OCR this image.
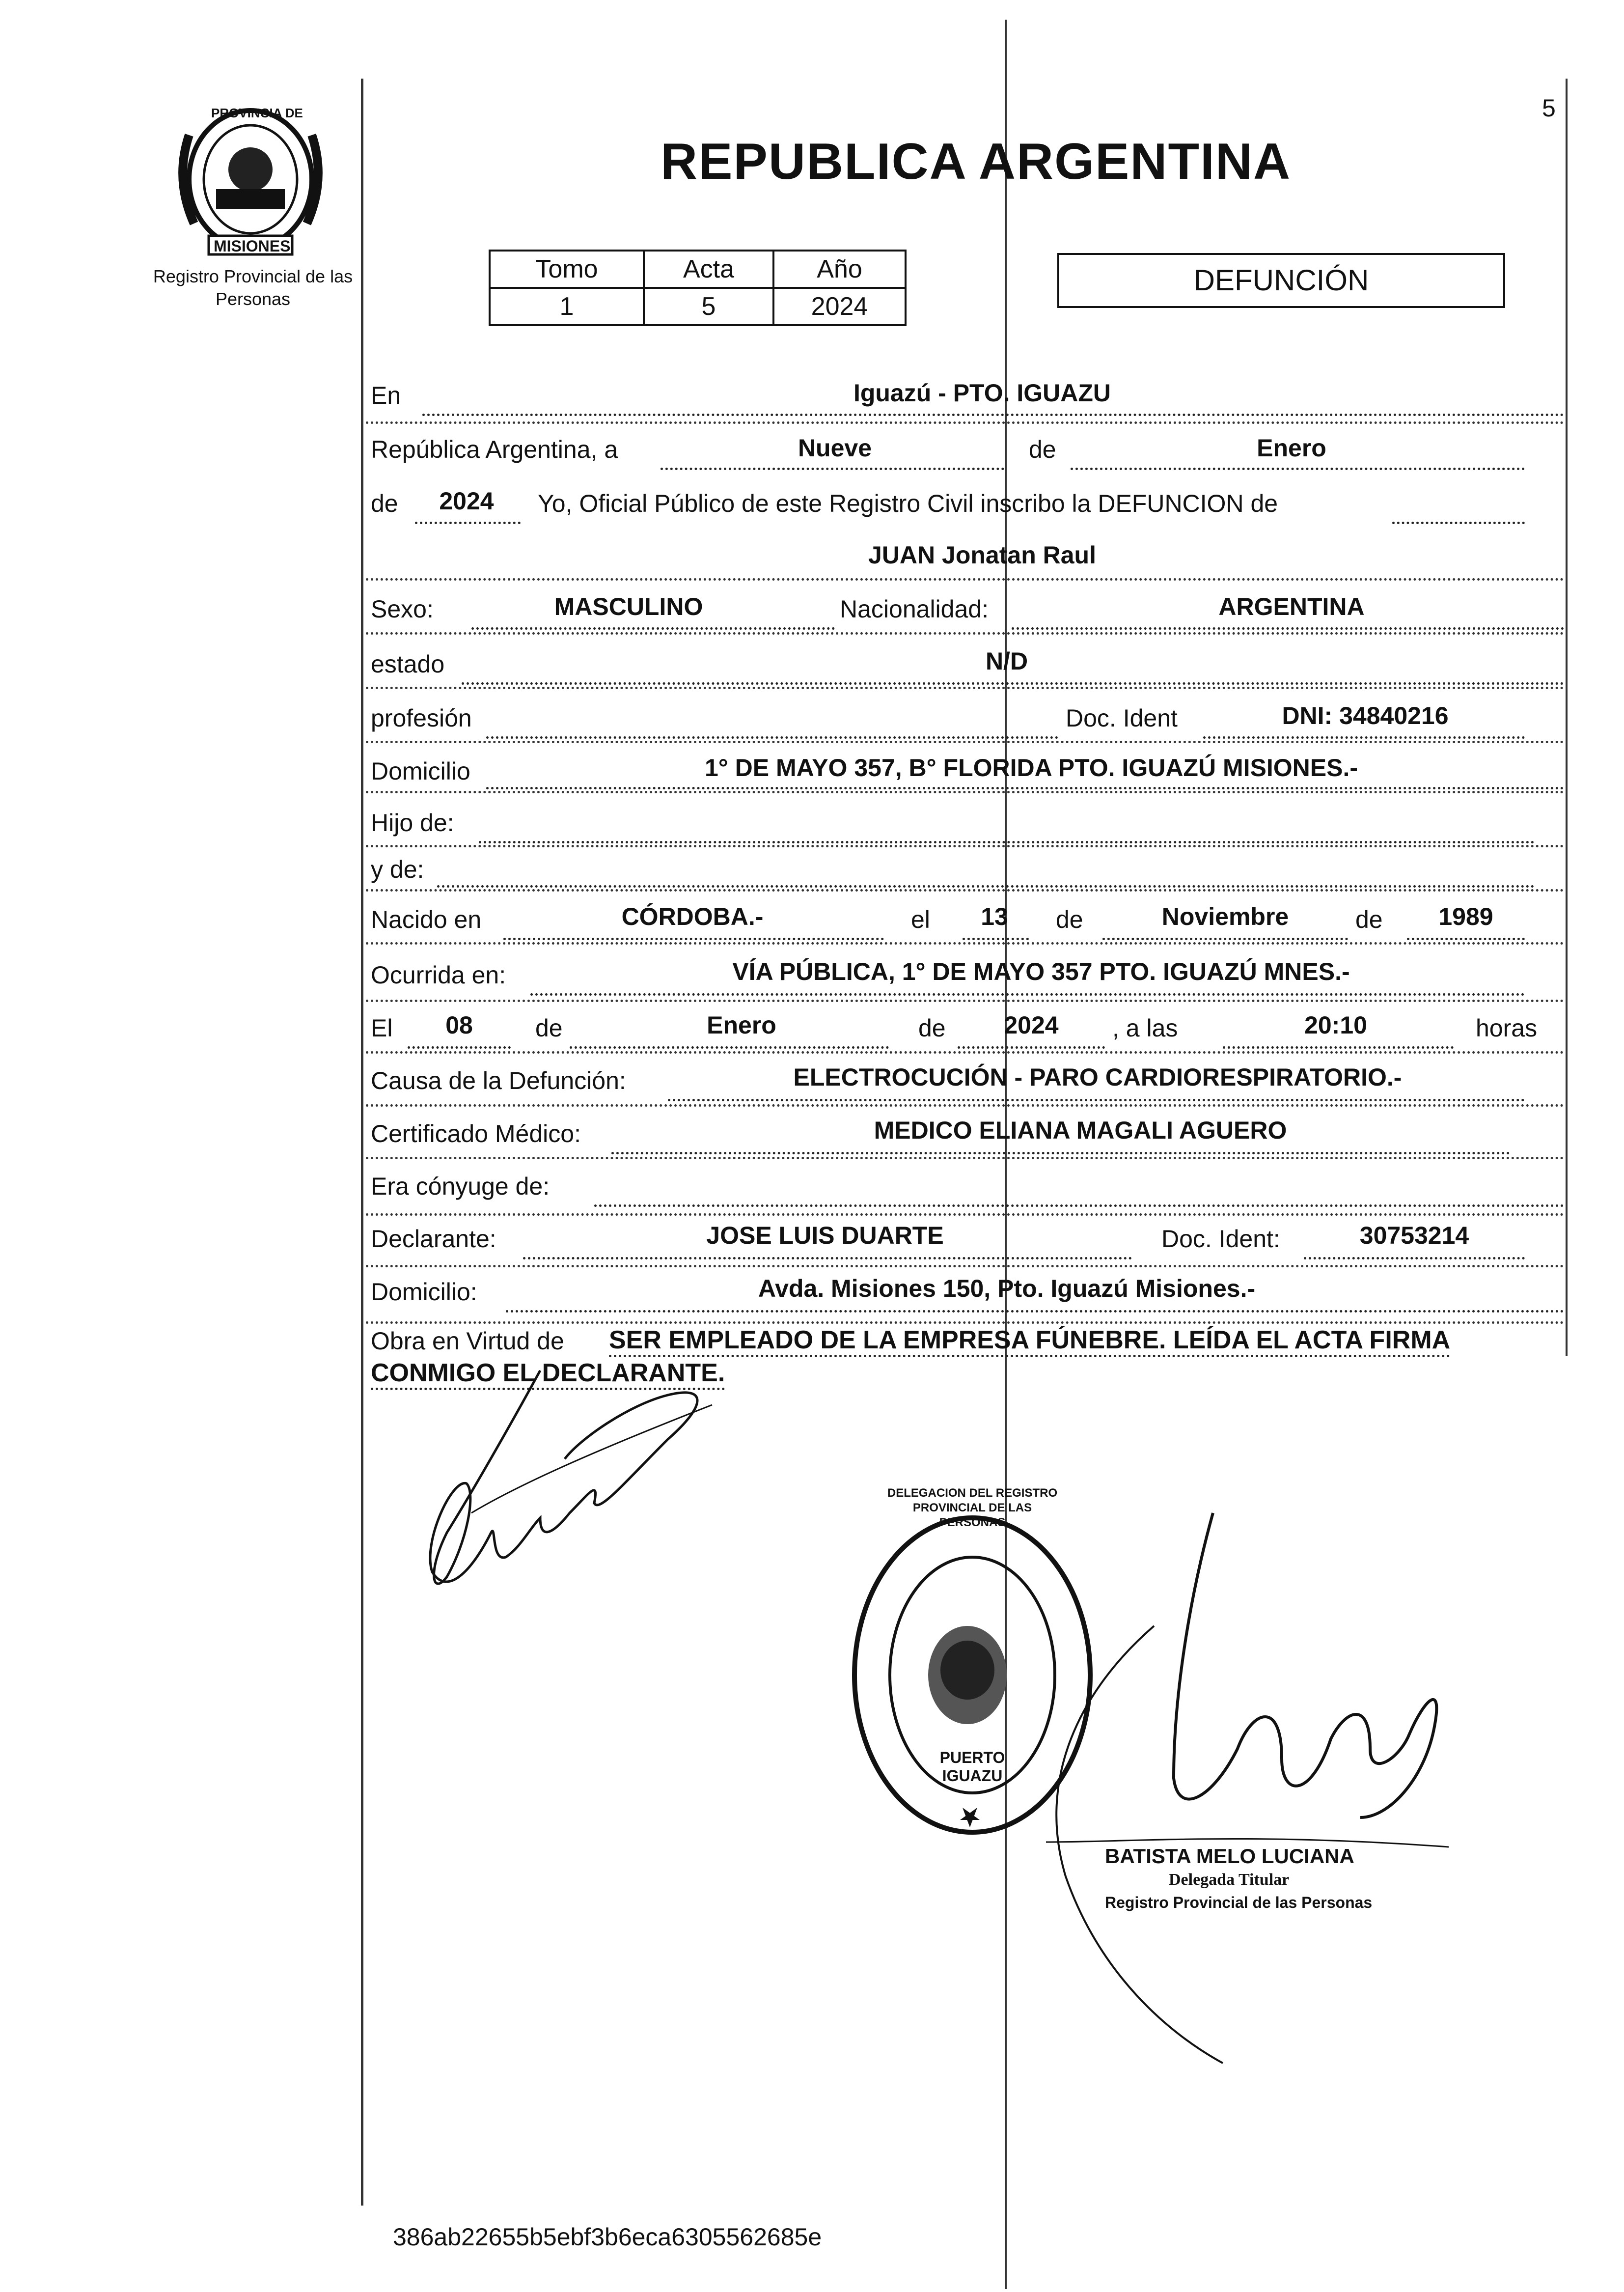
5
PROVINCIA DE
MISIONES
Registro Provincial de las Personas
REPUBLICA ARGENTINA
Tomo	Acta	Año
1	5	2024
DEFUNCIÓN
En	Iguazú - PTO. IGUAZU
República Argentina, a	Nueve	de	Enero
de	2024	Yo, Oficial Público de este Registro Civil inscribo la DEFUNCION de
JUAN Jonatan Raul
Sexo:	MASCULINO	Nacionalidad:	ARGENTINA
estado	N/D
profesión	Doc. Ident	DNI: 34840216
Domicilio	1° DE MAYO 357, B° FLORIDA PTO. IGUAZÚ MISIONES.-
Hijo de:
y de:
Nacido en	CÓRDOBA.-	el	13	de	Noviembre	de	1989
Ocurrida en:	VÍA PÚBLICA, 1° DE MAYO 357 PTO. IGUAZÚ MNES.-
El	08	de	Enero	de	2024	, a las	20:10	horas
Causa de la Defunción:	ELECTROCUCIÓN - PARO CARDIORESPIRATORIO.-
Certificado Médico:	MEDICO ELIANA MAGALI AGUERO
Era cónyuge de:
Declarante:	JOSE LUIS DUARTE	Doc. Ident:	30753214
Domicilio:	Avda. Misiones 150, Pto. Iguazú Misiones.-
Obra en Virtud de SER EMPLEADO DE LA EMPRESA FÚNEBRE. LEÍDA EL ACTA FIRMA
CONMIGO EL DECLARANTE.
DELEGACION DEL REGISTRO PROVINCIAL DE LAS PERSONAS
PUERTO IGUAZU
BATISTA MELO LUCIANA
Delegada Titular
Registro Provincial de las Personas
386ab22655b5ebf3b6eca6305562685e
